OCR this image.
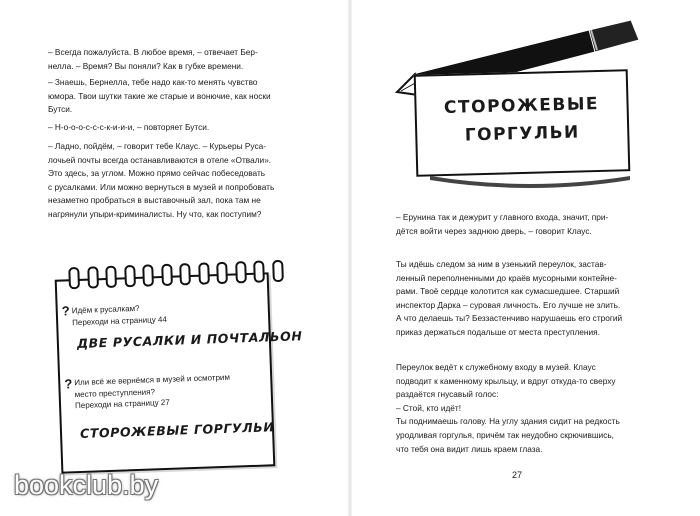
– Всегда пожалуйста. В любое время, – отвечает Бер-
нелла. – Время? Вы поняли? Как в губке времени.
– Знаешь, Бернелла, тебе надо как-то менять чувство
юмора. Твои шутки такие же старые и вонючие, как носки
Бутси.
– Н-о-о-о-с-с-с-к-и-и-и, – повторяет Бутси.
– Ладно, пойдём, – говорит тебе Клаус. – Курьеры Руса-
лочьей почты всегда останавливаются в отеле «Отвали».
Это здесь, за углом. Можно прямо сейчас побеседовать
с русалками. Или можно вернуться в музей и попробовать
незаметно пробраться в выставочный зал, пока там не
нагрянули упыри-криминалисты. Ну что, как поступим?
? Идём к русалкам?
Переходи на страницу 44
ДВЕ РУСАЛКИ И ПОЧТАЛЬОН
? Или всё же вернёмся в музей и осмотрим
место преступления?
Переходи на страницу 27
СТОРОЖЕВЫЕ ГОРГУЛЬИ
СТОРОЖЕВЫЕ
ГОРГУЛЬИ
– Ерунина так и дежурит у главного входа, значит, при-
дётся войти через заднюю дверь, – говорит Клаус.
Ты идёшь следом за ним в узенький переулок, застав-
ленный переполненными до краёв мусорными контейне-
рами. Твоё сердце колотится как сумасшедшее. Старший
инспектор Дарка – суровая личность. Его лучше не злить.
А что делаешь ты? Беззастенчиво нарушаешь его строгий
приказ держаться подальше от места преступления.
Переулок ведёт к служебному входу в музей. Клаус
подводит к каменному крыльцу, и вдруг откуда-то сверху
раздаётся гнусавый голос:
– Стой, кто идёт!
Ты поднимаешь голову. На углу здания сидит на редкость
уродливая горгулья, причём так неудобно скрючившись,
что тебя она видит лишь краем глаза.
27
bookclub.by
